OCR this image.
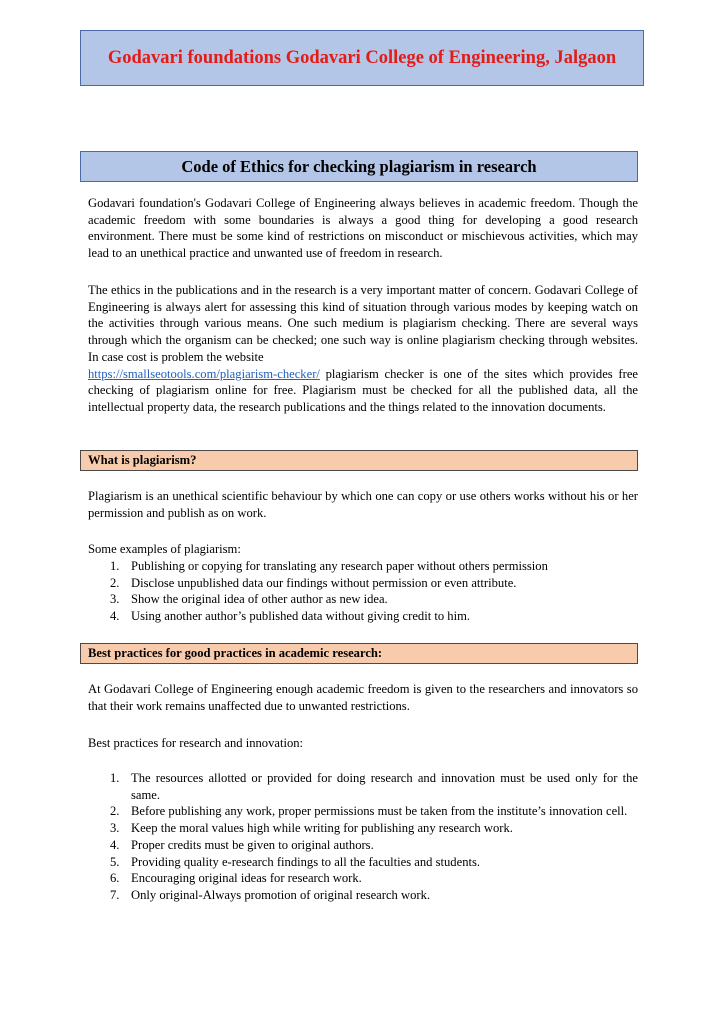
Godavari foundations Godavari College of Engineering, Jalgaon
Code of Ethics for checking plagiarism in research

Godavari foundation's Godavari College of Engineering always believes in academic freedom. Though the academic freedom with some boundaries is always a good thing for developing a good research environment. There must be some kind of restrictions on misconduct or mischievous activities, which may lead to an unethical practice and unwanted use of freedom in research.

The ethics in the publications and in the research is a very important matter of concern. Godavari College of Engineering is always alert for assessing this kind of situation through various modes by keeping watch on the activities through various means. One such medium is plagiarism checking. There are several ways through which the organism can be checked; one such way is online plagiarism checking through websites. In case cost is problem the website
https://smallseotools.com/plagiarism-checker/ plagiarism checker is one of the sites which provides free checking of plagiarism online for free. Plagiarism must be checked for all the published data, all the intellectual property data, the research publications and the things related to the innovation documents.

What is plagiarism?

Plagiarism is an unethical scientific behaviour by which one can copy or use others works without his or her permission and publish as on work.

Some examples of plagiarism:

1. Publishing or copying for translating any research paper without others permission
2. Disclose unpublished data our findings without permission or even attribute.
3. Show the original idea of other author as new idea.
4. Using another author’s published data without giving credit to him.
Best practices for good practices in academic research:

At Godavari College of Engineering enough academic freedom is given to the researchers and innovators so that their work remains unaffected due to unwanted restrictions.

Best practices for research and innovation:

1. The resources allotted or provided for doing research and innovation must be used only for the same.
2. Before publishing any work, proper permissions must be taken from the institute’s innovation cell.
3. Keep the moral values high while writing for publishing any research work.
4. Proper credits must be given to original authors.
5. Providing quality e-research findings to all the faculties and students.
6. Encouraging original ideas for research work.
7. Only original-Always promotion of original research work.
